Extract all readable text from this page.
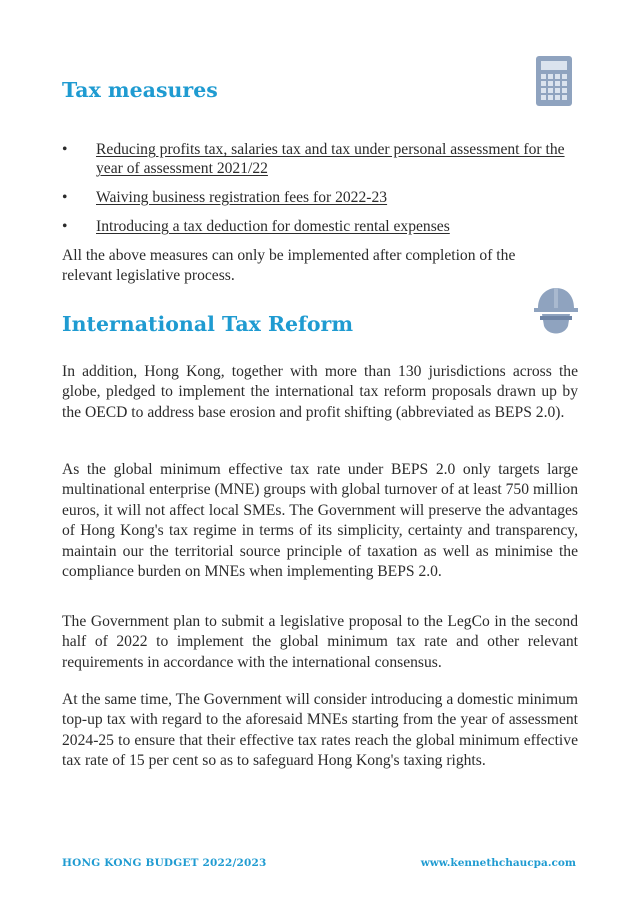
Tax measures
• Reducing profits tax, salaries tax and tax under personal assessment for the year of assessment 2021/22
• Waiving business registration fees for 2022-23
• Introducing a tax deduction for domestic rental expenses

All the above measures can only be implemented after completion of the relevant legislative process.

International Tax Reform

In addition, Hong Kong, together with more than 130 jurisdictions across the globe, pledged to implement the international tax reform proposals drawn up by the OECD to address base erosion and profit shifting (abbreviated as BEPS 2.0).

As the global minimum effective tax rate under BEPS 2.0 only targets large multinational enterprise (MNE) groups with global turnover of at least 750 million euros, it will not affect local SMEs. The Government will preserve the advantages of Hong Kong's tax regime in terms of its simplicity, certainty and transparency, maintain our the territorial source principle of taxation as well as minimise the compliance burden on MNEs when implementing BEPS 2.0.

The Government plan to submit a legislative proposal to the LegCo in the second half of 2022 to implement the global minimum tax rate and other relevant requirements in accordance with the international consensus.

At the same time, The Government will consider introducing a domestic minimum top-up tax with regard to the aforesaid MNEs starting from the year of assessment 2024-25 to ensure that their effective tax rates reach the global minimum effective tax rate of 15 per cent so as to safeguard Hong Kong's taxing rights.

HONG KONG BUDGET 2022/2023	www.kennethchaucpa.com
